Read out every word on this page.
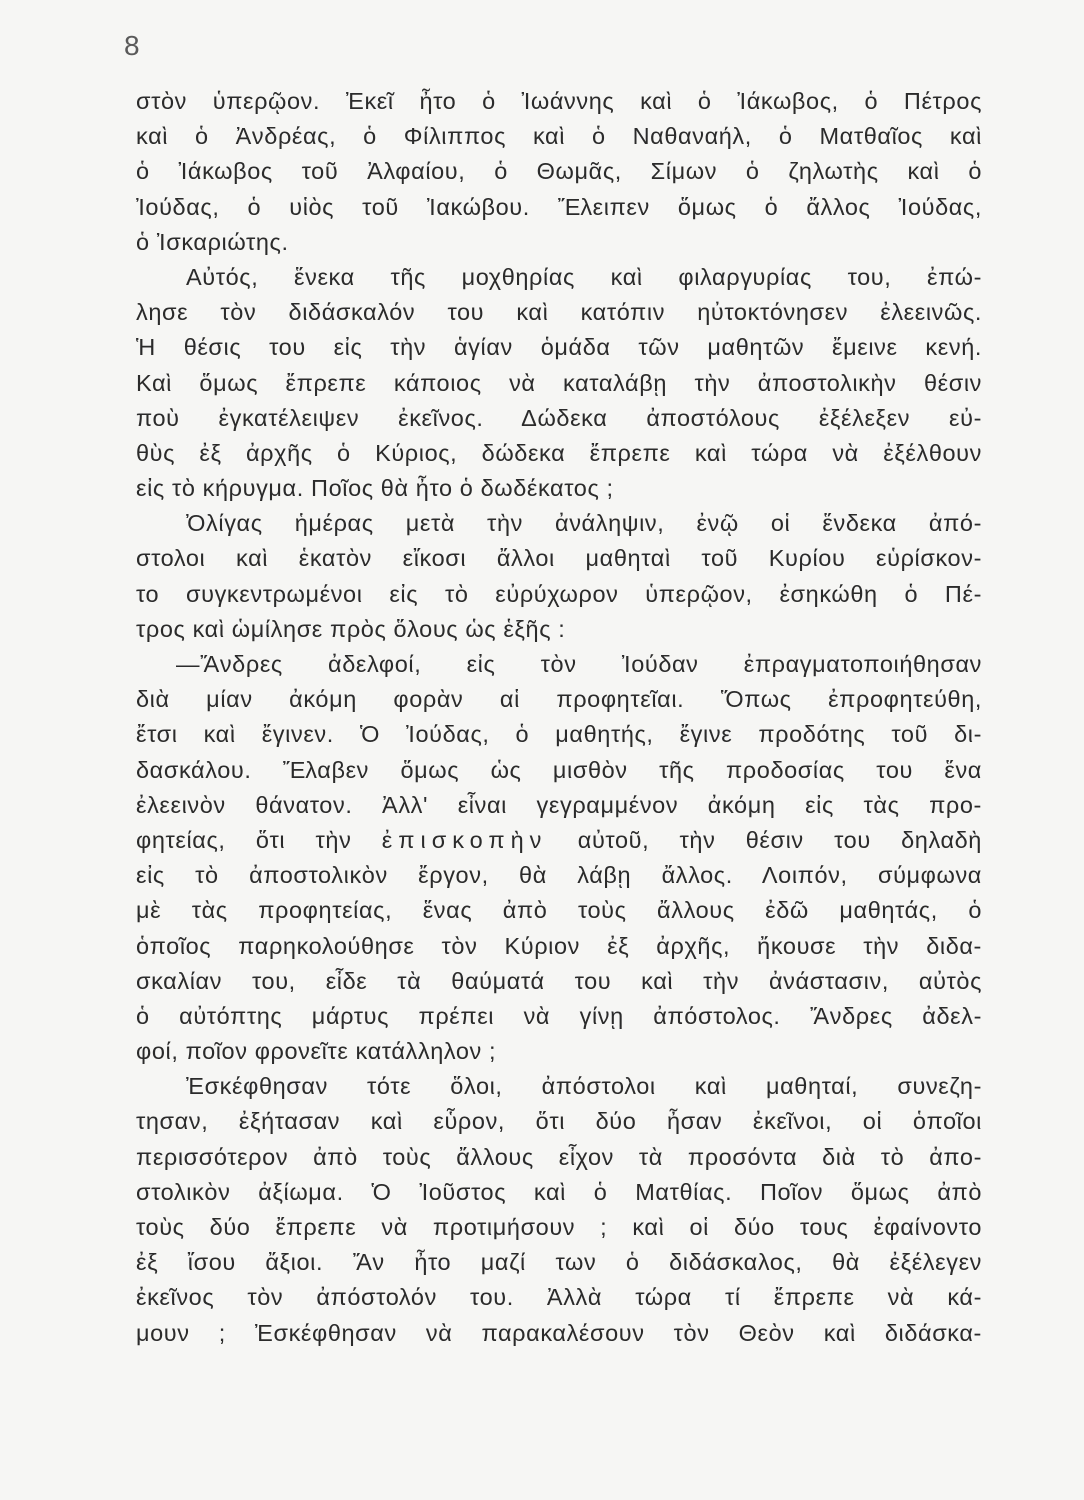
8
στὸν ὑπερῷον. Ἐκεῖ ἦτο ὁ Ἰωάννης καὶ ὁ Ἰάκωβος, ὁ Πέτρος
καὶ ὁ Ἀνδρέας, ὁ Φίλιππος καὶ ὁ Ναθαναήλ, ὁ Ματθαῖος καὶ
ὁ Ἰάκωβος τοῦ Ἀλφαίου, ὁ Θωμᾶς, Σίμων ὁ ζηλωτὴς καὶ ὁ
Ἰούδας, ὁ υἱὸς τοῦ Ἰακώβου. Ἔλειπεν ὅμως ὁ ἄλλος Ἰούδας,
ὁ Ἰσκαριώτης.
Αὐτός, ἕνεκα τῆς μοχθηρίας καὶ φιλαργυρίας του, ἐπώ-
λησε τὸν διδάσκαλόν του καὶ κατόπιν ηὐτοκτόνησεν ἐλεεινῶς.
Ἡ θέσις του εἰς τὴν ἁγίαν ὁμάδα τῶν μαθητῶν ἔμεινε κενή.
Καὶ ὅμως ἔπρεπε κάποιος νὰ καταλάβῃ τὴν ἀποστολικὴν θέσιν
ποὺ ἐγκατέλειψεν ἐκεῖνος. Δώδεκα ἀποστόλους ἐξέλεξεν εὐ-
θὺς ἐξ ἀρχῆς ὁ Κύριος, δώδεκα ἔπρεπε καὶ τώρα νὰ ἐξέλθουν
εἰς τὸ κήρυγμα. Ποῖος θὰ ἦτο ὁ δωδέκατος ;
Ὀλίγας ἡμέρας μετὰ τὴν ἀνάληψιν, ἐνῷ οἱ ἕνδεκα ἀπό-
στολοι καὶ ἑκατὸν εἴκοσι ἄλλοι μαθηταὶ τοῦ Κυρίου εὑρίσκον-
το συγκεντρωμένοι εἰς τὸ εὐρύχωρον ὑπερῷον, ἐσηκώθη ὁ Πέ-
τρος καὶ ὡμίλησε πρὸς ὅλους ὡς ἑξῆς :
—Ἄνδρες ἀδελφοί, εἰς τὸν Ἰούδαν ἐπραγματοποιήθησαν
διὰ μίαν ἀκόμη φορὰν αἱ προφητεῖαι. Ὅπως ἐπροφητεύθη,
ἔτσι καὶ ἔγινεν. Ὁ Ἰούδας, ὁ μαθητής, ἔγινε προδότης τοῦ δι-
δασκάλου. Ἔλαβεν ὅμως ὡς μισθὸν τῆς προδοσίας του ἕνα
ἐλεεινὸν θάνατον. Ἀλλ' εἶναι γεγραμμένον ἀκόμη εἰς τὰς προ-
φητείας, ὅτι τὴν ἐπισκοπὴν αὐτοῦ, τὴν θέσιν του δηλαδὴ
εἰς τὸ ἀποστολικὸν ἔργον, θὰ λάβῃ ἄλλος. Λοιπόν, σύμφωνα
μὲ τὰς προφητείας, ἕνας ἀπὸ τοὺς ἄλλους ἐδῶ μαθητάς, ὁ
ὁποῖος παρηκολούθησε τὸν Κύριον ἐξ ἀρχῆς, ἤκουσε τὴν διδα-
σκαλίαν του, εἶδε τὰ θαύματά του καὶ τὴν ἀνάστασιν, αὐτὸς
ὁ αὐτόπτης μάρτυς πρέπει νὰ γίνῃ ἀπόστολος. Ἄνδρες ἀδελ-
φοί, ποῖον φρονεῖτε κατάλληλον ;
Ἐσκέφθησαν τότε ὅλοι, ἀπόστολοι καὶ μαθηταί, συνεζη-
τησαν, ἐξήτασαν καὶ εὗρον, ὅτι δύο ἦσαν ἐκεῖνοι, οἱ ὁποῖοι
περισσότερον ἀπὸ τοὺς ἄλλους εἶχον τὰ προσόντα διὰ τὸ ἀπο-
στολικὸν ἀξίωμα. Ὁ Ἰοῦστος καὶ ὁ Ματθίας. Ποῖον ὅμως ἀπὸ
τοὺς δύο ἔπρεπε νὰ προτιμήσουν ; καὶ οἱ δύο τους ἐφαίνοντο
ἐξ ἴσου ἄξιοι. Ἄν ἦτο μαζί των ὁ διδάσκαλος, θὰ ἐξέλεγεν
ἐκεῖνος τὸν ἀπόστολόν του. Ἀλλὰ τώρα τί ἔπρεπε νὰ κά-
μουν ; Ἐσκέφθησαν νὰ παρακαλέσουν τὸν Θεὸν καὶ διδάσκα-
